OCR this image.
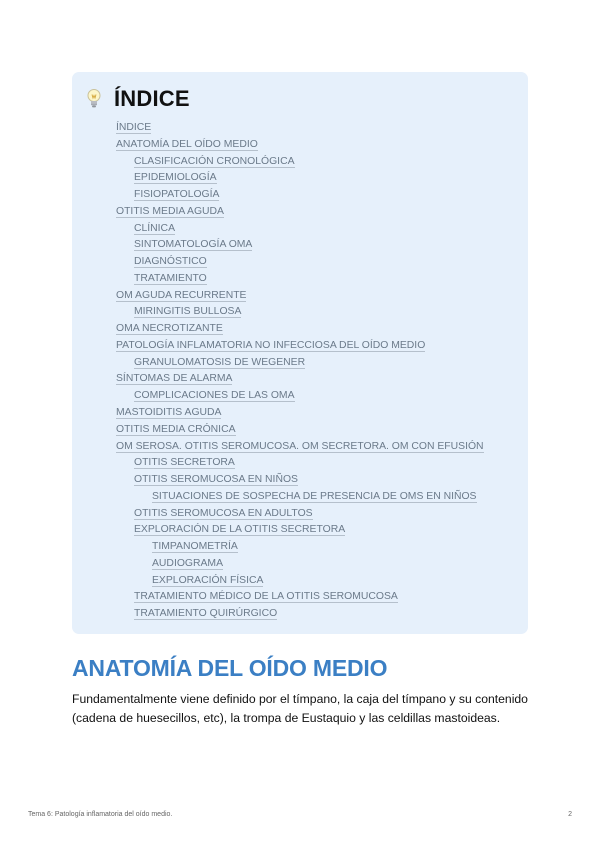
ÍNDICE
ÍNDICE
ANATOMÍA DEL OÍDO MEDIO
CLASIFICACIÓN CRONOLÓGICA
EPIDEMIOLOGÍA
FISIOPATOLOGÍA
OTITIS MEDIA AGUDA
CLÍNICA
SINTOMATOLOGÍA OMA
DIAGNÓSTICO
TRATAMIENTO
OM AGUDA RECURRENTE
MIRINGITIS BULLOSA
OMA NECROTIZANTE
PATOLOGÍA INFLAMATORIA NO INFECCIOSA DEL OÍDO MEDIO
GRANULOMATOSIS DE WEGENER
SÍNTOMAS DE ALARMA
COMPLICACIONES DE LAS OMA
MASTOIDITIS AGUDA
OTITIS MEDIA CRÓNICA
OM SEROSA. OTITIS SEROMUCOSA. OM SECRETORA. OM CON EFUSIÓN
OTITIS SECRETORA
OTITIS SEROMUCOSA EN NIÑOS
SITUACIONES DE SOSPECHA DE PRESENCIA DE OMS EN NIÑOS
OTITIS SEROMUCOSA EN ADULTOS
EXPLORACIÓN DE LA OTITIS SECRETORA
TIMPANOMETRÍA
AUDIOGRAMA
EXPLORACIÓN FÍSICA
TRATAMIENTO MÉDICO DE LA OTITIS SEROMUCOSA
TRATAMIENTO QUIRÚRGICO
ANATOMÍA DEL OÍDO MEDIO

Fundamentalmente viene definido por el tímpano, la caja del tímpano y su contenido (cadena de huesecillos, etc), la trompa de Eustaquio y las celdillas mastoideas.

Tema 6: Patología inflamatoria del oído medio.	2
